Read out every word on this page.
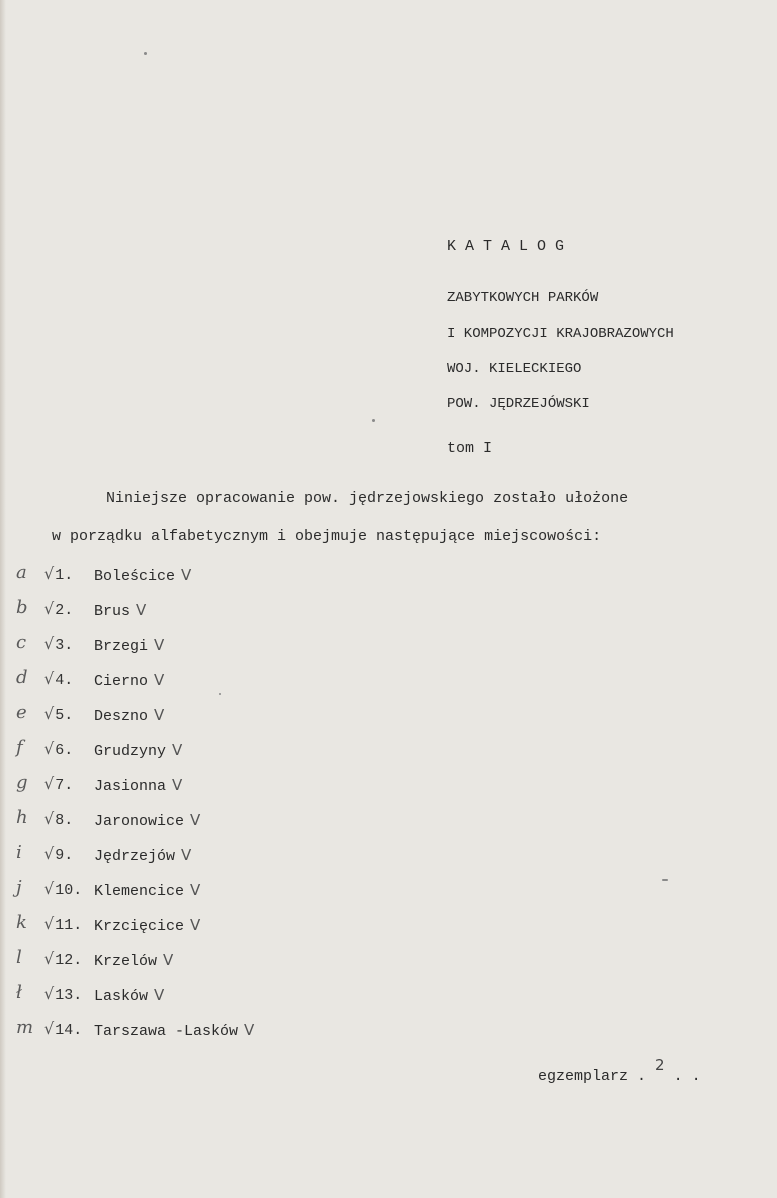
K A T A L O G
ZABYTKOWYCH PARKÓW
I KOMPOZYCJI KRAJOBRAZOWYCH
WOJ. KIELECKIEGO
POW. JĘDRZEJÓWSKI
tom I
Niniejsze opracowanie pow. jędrzejowskiego zostało ułożone
w porządku alfabetycznym i obejmuje następujące miejscowości:
a	√1.	Boleścice V
b	√2.	Brus V
c	√3.	Brzegi V
d	√4.	Cierno V
e	√5.	Deszno V
f	√6.	Grudzyny V
g	√7.	Jasionna V
h	√8.	Jaronowice V
i	√9.	Jędrzejów V
j	√10. Klemencice V
k	√11. Krzcięcice V
l	√12. Krzelów V
ł	√13. Lasków V
m √14. Tarszawa -Lasków V
egzemplarz . 2 . .
